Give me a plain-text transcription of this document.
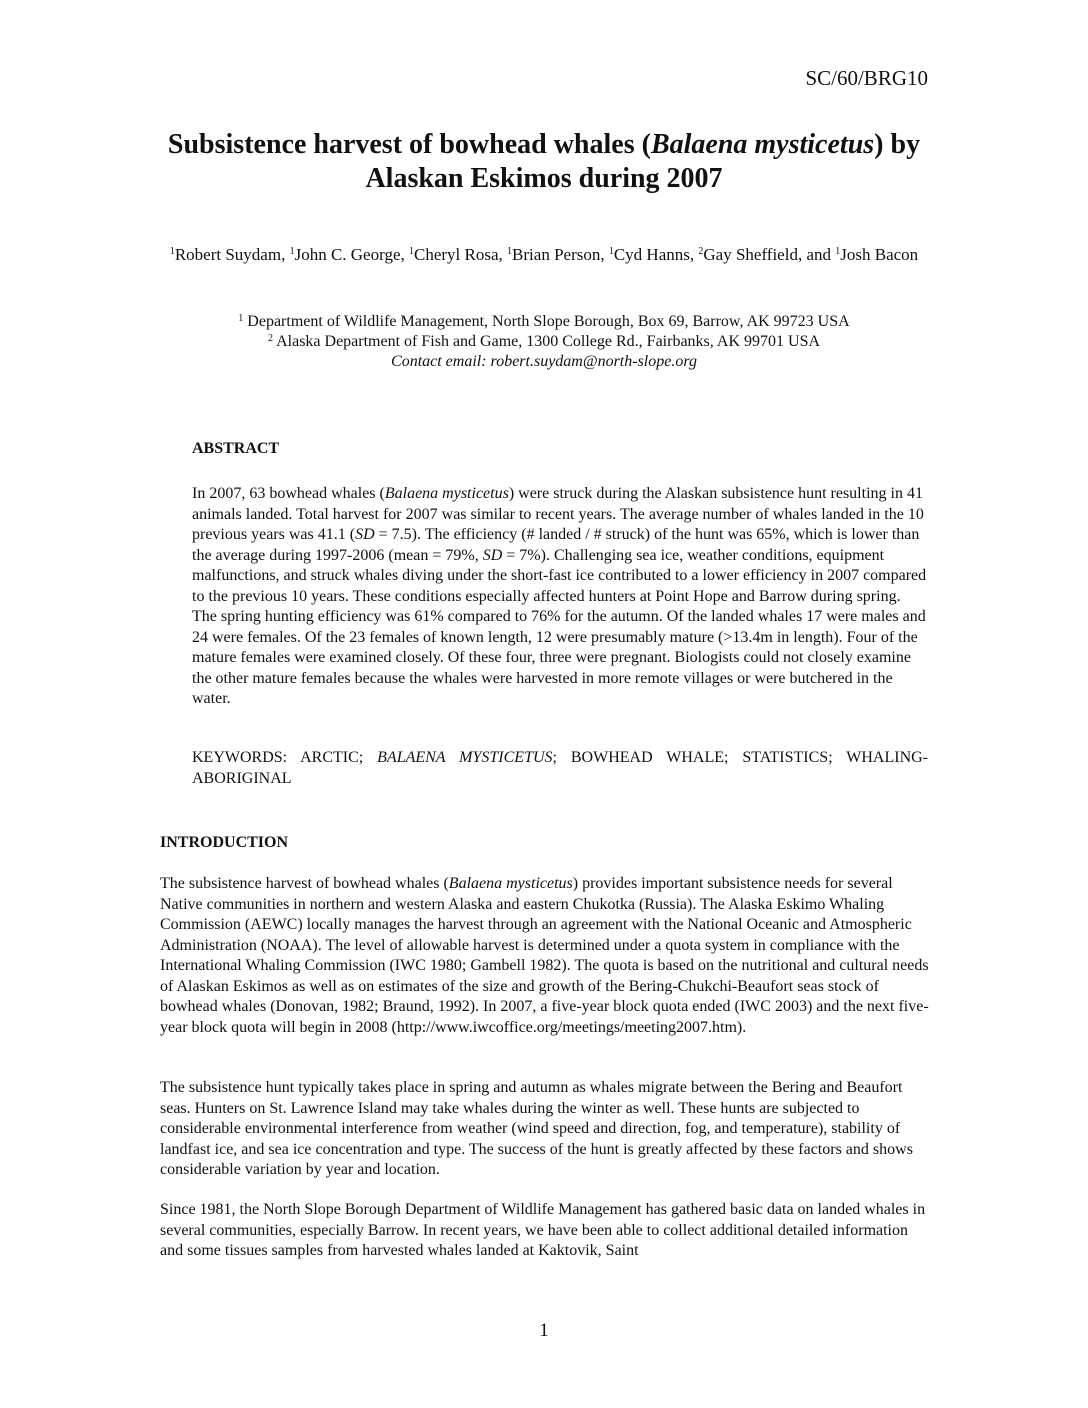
SC/60/BRG10
Subsistence harvest of bowhead whales (Balaena mysticetus) by Alaskan Eskimos during 2007
$^1$Robert Suydam, $^1$John C. George, $^1$Cheryl Rosa, $^1$Brian Person, $^1$Cyd Hanns, $^2$Gay Sheffield, and $^1$Josh Bacon
$^1$ Department of Wildlife Management, North Slope Borough, Box 69, Barrow, AK 99723 USA
$^2$ Alaska Department of Fish and Game, 1300 College Rd., Fairbanks, AK 99701 USA
Contact email: robert.suydam@north-slope.org
ABSTRACT
In 2007, 63 bowhead whales (Balaena mysticetus) were struck during the Alaskan subsistence hunt resulting in 41 animals landed. Total harvest for 2007 was similar to recent years. The average number of whales landed in the 10 previous years was 41.1 (SD = 7.5). The efficiency (# landed / # struck) of the hunt was 65%, which is lower than the average during 1997-2006 (mean = 79%, SD = 7%). Challenging sea ice, weather conditions, equipment malfunctions, and struck whales diving under the short-fast ice contributed to a lower efficiency in 2007 compared to the previous 10 years. These conditions especially affected hunters at Point Hope and Barrow during spring. The spring hunting efficiency was 61% compared to 76% for the autumn. Of the landed whales 17 were males and 24 were females. Of the 23 females of known length, 12 were presumably mature (>13.4m in length). Four of the mature females were examined closely. Of these four, three were pregnant. Biologists could not closely examine the other mature females because the whales were harvested in more remote villages or were butchered in the water.
KEYWORDS: ARCTIC; BALAENA MYSTICETUS; BOWHEAD WHALE; STATISTICS; WHALING-ABORIGINAL
INTRODUCTION
The subsistence harvest of bowhead whales (Balaena mysticetus) provides important subsistence needs for several Native communities in northern and western Alaska and eastern Chukotka (Russia). The Alaska Eskimo Whaling Commission (AEWC) locally manages the harvest through an agreement with the National Oceanic and Atmospheric Administration (NOAA). The level of allowable harvest is determined under a quota system in compliance with the International Whaling Commission (IWC 1980; Gambell 1982). The quota is based on the nutritional and cultural needs of Alaskan Eskimos as well as on estimates of the size and growth of the Bering-Chukchi-Beaufort seas stock of bowhead whales (Donovan, 1982; Braund, 1992). In 2007, a five-year block quota ended (IWC 2003) and the next five-year block quota will begin in 2008 (http://www.iwcoffice.org/meetings/meeting2007.htm).
The subsistence hunt typically takes place in spring and autumn as whales migrate between the Bering and Beaufort seas. Hunters on St. Lawrence Island may take whales during the winter as well. These hunts are subjected to considerable environmental interference from weather (wind speed and direction, fog, and temperature), stability of landfast ice, and sea ice concentration and type. The success of the hunt is greatly affected by these factors and shows considerable variation by year and location.
Since 1981, the North Slope Borough Department of Wildlife Management has gathered basic data on landed whales in several communities, especially Barrow. In recent years, we have been able to collect additional detailed information and some tissues samples from harvested whales landed at Kaktovik, Saint
1
